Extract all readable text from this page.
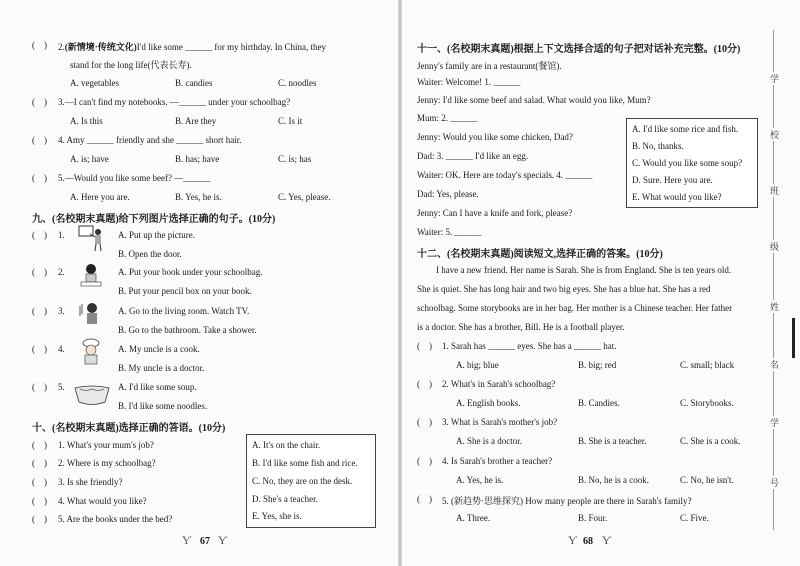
( ) 2.(新情境·传统文化)I'd like some ______ for my birthday. In China, they
stand for the long life(代表长寿).
A. vegetables	B. candies	C. noodles
( ) 3.—I can't find my notebooks. —______ under your schoolbag?
A. Is this	B. Are they	C. Is it
( ) 4. Amy ______ friendly and she ______ short hair.
A. is; have	B. has; have	C. is; has
( ) 5.—Would you like some beef? —______
A. Here you are.	B. Yes, he is.	C. Yes, please.
九、(名校期末真题)给下列图片选择正确的句子。(10分)
( ) 1.	A. Put up the picture.
B. Open the door.
( ) 2.	A. Put your book under your schoolbag.
B. Put your pencil box on your book.
( ) 3.	A. Go to the living room. Watch TV.
B. Go to the bathroom. Take a shower.
( ) 4.	A. My uncle is a cook.
B. My uncle is a doctor.
( ) 5.	A. I'd like some soup.
B. I'd like some noodles.
十、(名校期末真题)选择正确的答语。(10分)
( ) 1. What's your mum's job?
( ) 2. Where is my schoolbag?
( ) 3. Is she friendly?
( ) 4. What would you like?
( ) 5. Are the books under the bed?
A. It's on the chair.
B. I'd like some fish and rice.
C. No, they are on the desk.
D. She's a teacher.
E. Yes, she is.
Ƴ 67 Ƴ
十一、(名校期末真题)根据上下文选择合适的句子把对话补充完整。(10分)
Jenny's family are in a restaurant(餐馆).
Waiter: Welcome! 1. ______
Jenny: I'd like some beef and salad. What would you like, Mum?
Mum: 2. ______
Jenny: Would you like some chicken, Dad?
Dad: 3. ______ I'd like an egg.
Waiter: OK. Here are today's specials. 4. ______
Dad: Yes, please.
Jenny: Can I have a knife and fork, please?
Waiter: 5. ______
A. I'd like some rice and fish.
B. No, thanks.
C. Would you like some soup?
D. Sure. Here you are.
E. What would you like?
十二、(名校期末真题)阅读短文,选择正确的答案。(10分)
I have a new friend. Her name is Sarah. She is from England. She is ten years old.
She is quiet. She has long hair and two big eyes. She has a blue hat. She has a red
schoolbag. Some storybooks are in her bag. Her mother is a Chinese teacher. Her father
is a doctor. She has a brother, Bill. He is a football player.
( ) 1. Sarah has ______ eyes. She has a ______ hat.
A. big; blue	B. big; red	C. small; black
( ) 2. What's in Sarah's schoolbag?
A. English books.	B. Candies.	C. Storybooks.
( ) 3. What is Sarah's mother's job?
A. She is a doctor.	B. She is a teacher.	C. She is a cook.
( ) 4. Is Sarah's brother a teacher?
A. Yes, he is.	B. No, he is a cook.	C. No, he isn't.
( ) 5. (新趋势·思维探究) How many people are there in Sarah's family?
A. Three.	B. Four.	C. Five.
Ƴ 68 Ƴ
学
校
班
级
姓
名
学
号
